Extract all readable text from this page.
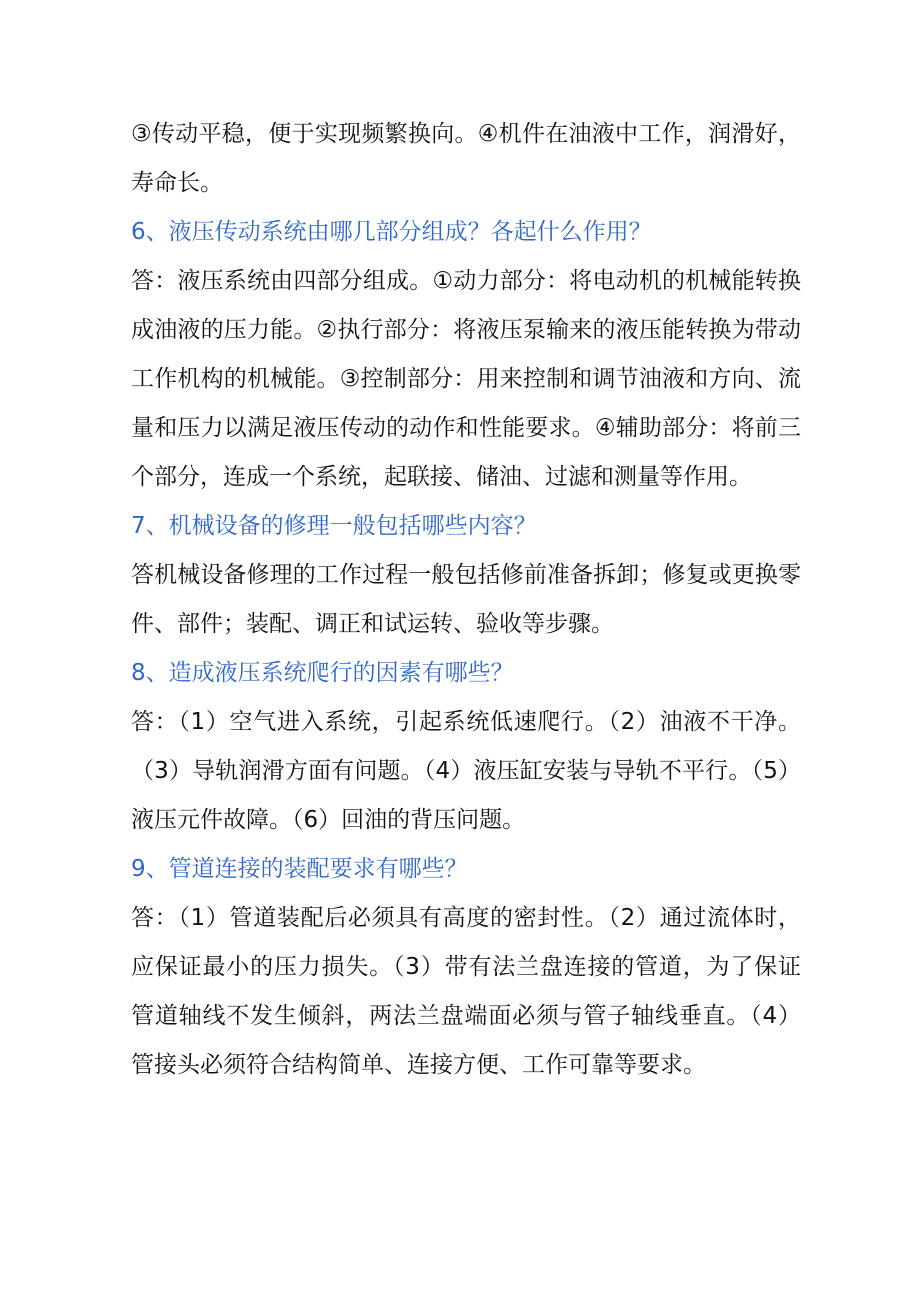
③传动平稳，便于实现频繁换向。④机件在油液中工作，润滑好，寿命长。

6、液压传动系统由哪几部分组成？各起什么作用？

答：液压系统由四部分组成。①动力部分：将电动机的机械能转换成油液的压力能。②执行部分：将液压泵输来的液压能转换为带动工作机构的机械能。③控制部分：用来控制和调节油液和方向、流量和压力以满足液压传动的动作和性能要求。④辅助部分：将前三个部分，连成一个系统，起联接、储油、过滤和测量等作用。

7、机械设备的修理一般包括哪些内容？

答机械设备修理的工作过程一般包括修前准备拆卸；修复或更换零件、部件；装配、调正和试运转、验收等步骤。

8、造成液压系统爬行的因素有哪些？

答：（1）空气进入系统，引起系统低速爬行。（2）油液不干净。（3）导轨润滑方面有问题。（4）液压缸安装与导轨不平行。（5）液压元件故障。（6）回油的背压问题。

9、管道连接的装配要求有哪些？

答：（1）管道装配后必须具有高度的密封性。（2）通过流体时，应保证最小的压力损失。（3）带有法兰盘连接的管道，为了保证管道轴线不发生倾斜，两法兰盘端面必须与管子轴线垂直。（4）管接头必须符合结构简单、连接方便、工作可靠等要求。
